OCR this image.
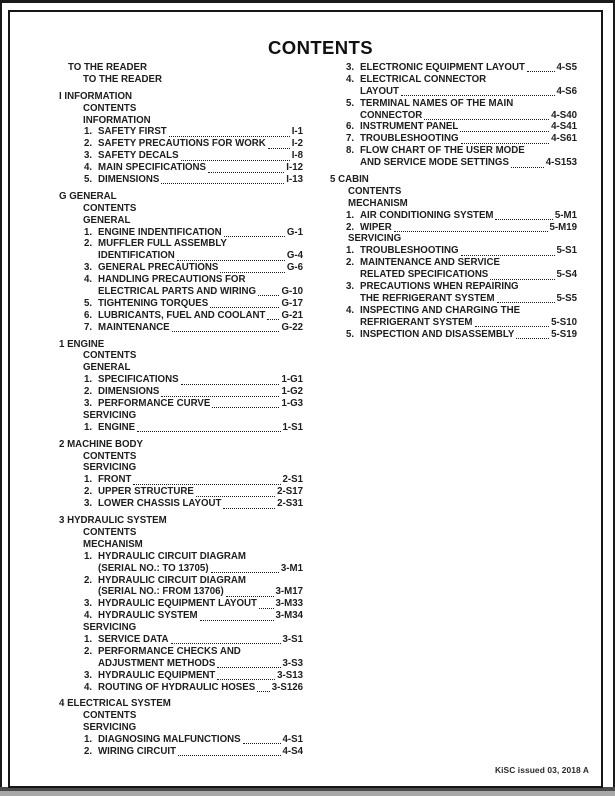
CONTENTS
TO THE READER
TO THE READER
I INFORMATION
CONTENTS
INFORMATION
1. SAFETY FIRST	I-1
2. SAFETY PRECAUTIONS FOR WORK	I-2
3. SAFETY DECALS	I-8
4. MAIN SPECIFICATIONS	I-12
5. DIMENSIONS	I-13
G GENERAL
CONTENTS
GENERAL
1. ENGINE INDENTIFICATION	G-1
2. MUFFLER FULL ASSEMBLY
IDENTIFICATION	G-4
3. GENERAL PRECAUTIONS	G-6
4. HANDLING PRECAUTIONS FOR
ELECTRICAL PARTS AND WIRING	G-10
5. TIGHTENING TORQUES	G-17
6. LUBRICANTS, FUEL AND COOLANT G-21
7. MAINTENANCE	G-22
1 ENGINE
CONTENTS
GENERAL
1. SPECIFICATIONS	1-G1
2. DIMENSIONS	1-G2
3. PERFORMANCE CURVE	1-G3
SERVICING
1. ENGINE	1-S1
2 MACHINE BODY
CONTENTS
SERVICING
1. FRONT	2-S1
2. UPPER STRUCTURE	2-S17
3. LOWER CHASSIS LAYOUT	2-S31
3 HYDRAULIC SYSTEM
CONTENTS
MECHANISM
1. HYDRAULIC CIRCUIT DIAGRAM
(SERIAL NO.: TO 13705)	3-M1
2. HYDRAULIC CIRCUIT DIAGRAM
(SERIAL NO.: FROM 13706)	3-M17
3. HYDRAULIC EQUIPMENT LAYOUT 3-M33
4. HYDRAULIC SYSTEM	3-M34
SERVICING
1. SERVICE DATA	3-S1
2. PERFORMANCE CHECKS AND
ADJUSTMENT METHODS	3-S3
3. HYDRAULIC EQUIPMENT	3-S13
4. ROUTING OF HYDRAULIC HOSES 3-S126
4 ELECTRICAL SYSTEM
CONTENTS
SERVICING
1. DIAGNOSING MALFUNCTIONS	4-S1
2. WIRING CIRCUIT	4-S4
3. ELECTRONIC EQUIPMENT LAYOUT	4-S5
4. ELECTRICAL CONNECTOR
LAYOUT	4-S6
5. TERMINAL NAMES OF THE MAIN
CONNECTOR	4-S40
6. INSTRUMENT PANEL	4-S41
7. TROUBLESHOOTING	4-S61
8. FLOW CHART OF THE USER MODE
AND SERVICE MODE SETTINGS	4-S153
5 CABIN
CONTENTS
MECHANISM
1. AIR CONDITIONING SYSTEM	5-M1
2. WIPER	5-M19
SERVICING
1. TROUBLESHOOTING	5-S1
2. MAINTENANCE AND SERVICE
RELATED SPECIFICATIONS	5-S4
3. PRECAUTIONS WHEN REPAIRING
THE REFRIGERANT SYSTEM	5-S5
4. INSPECTING AND CHARGING THE
REFRIGERANT SYSTEM	5-S10
5. INSPECTION AND DISASSEMBLY	5-S19
KiSC issued 03, 2018 A
